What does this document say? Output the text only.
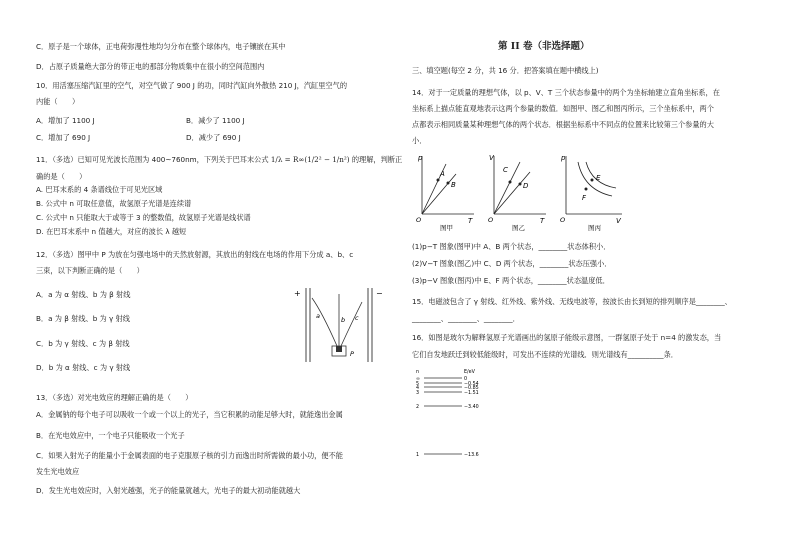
C．原子是一个球体，正电荷弥漫性地均匀分布在整个球体内，电子镶嵌在其中
D．占原子质量绝大部分的带正电的那部分物质集中在很小的空间范围内
10．用活塞压缩汽缸里的空气，对空气做了 900 J 的功，同时汽缸向外散热 210 J，汽缸里空气的
内能（　　）
A．增加了 1100 J	B．减少了 1100 J
C．增加了 690 J	D．减少了 690 J
11．（多选）已知可见光波长范围为 400~760nm，下列关于巴耳末公式 1/λ = R∞(1/2² − 1/n²) 的理解，判断正
确的是（　　）
A. 巴耳末系的 4 条谱线位于可见光区域
B. 公式中 n 可取任意值，故氢原子光谱是连续谱
C. 公式中 n 只能取大于或等于 3 的整数值，故氢原子光谱是线状谱
D. 在巴耳末系中 n 值越大，对应的波长 λ 越短
12．（多选）图甲中 P 为放在匀强电场中的天然放射源，其放出的射线在电场的作用下分成 a、b、c
三束，以下判断正确的是（　　）
A．a 为 α 射线、b 为 β 射线
B．a 为 β 射线、b 为 γ 射线
C．b 为 γ 射线、c 为 β 射线
D．b 为 α 射线、c 为 γ 射线
+	−
a	b c
P
13．（多选）对光电效应的理解正确的是（　　）
A．金属钠的每个电子可以吸收一个或一个以上的光子，当它积累的动能足够大时，就能逸出金属
B．在光电效应中，一个电子只能吸收一个光子
C．如果入射光子的能量小于金属表面的电子克服原子核的引力而逸出时所需做的最小功，便不能
发生光电效应
D．发生光电效应时，入射光越强，光子的能量就越大，光电子的最大初动能就越大
第 II 卷（非选择题）
三、填空题(每空 2 分，共 16 分．把答案填在题中横线上)
14．对于一定质量的理想气体，以 p、V、T 三个状态参量中的两个为坐标轴建立直角坐标系，在
坐标系上描点能直观地表示这两个参量的数值．如图甲、图乙和图丙所示，三个坐标系中，两个
点都表示相同质量某种理想气体的两个状态．根据坐标系中不同点的位置来比较第三个参量的大
小．
p
T
O
A
B
图甲
V
T
O
C
D
图乙
p
V
O
E
F
图丙
(1)p−T 图象(图甲)中 A、B 两个状态，________状态体积小．
(2)V−T 图象(图乙)中 C、D 两个状态，________状态压强小．
(3)p−V 图象(图丙)中 E、F 两个状态，________状态温度低．
15．电磁波包含了 γ 射线、红外线、紫外线、无线电波等，按波长由长到短的排列顺序是________、
________、________、________．
16．如图是玻尔为解释氢原子光谱画出的氢原子能级示意图，一群氢原子处于 n=4 的激发态，当
它们自发地跃迁到较低能级时，可发出不连续的光谱线．则光谱线有__________条．
n	E/eV
∞	0
5	−0.54
4	−0.85
3	−1.51
2	−3.40
1	−13.6
